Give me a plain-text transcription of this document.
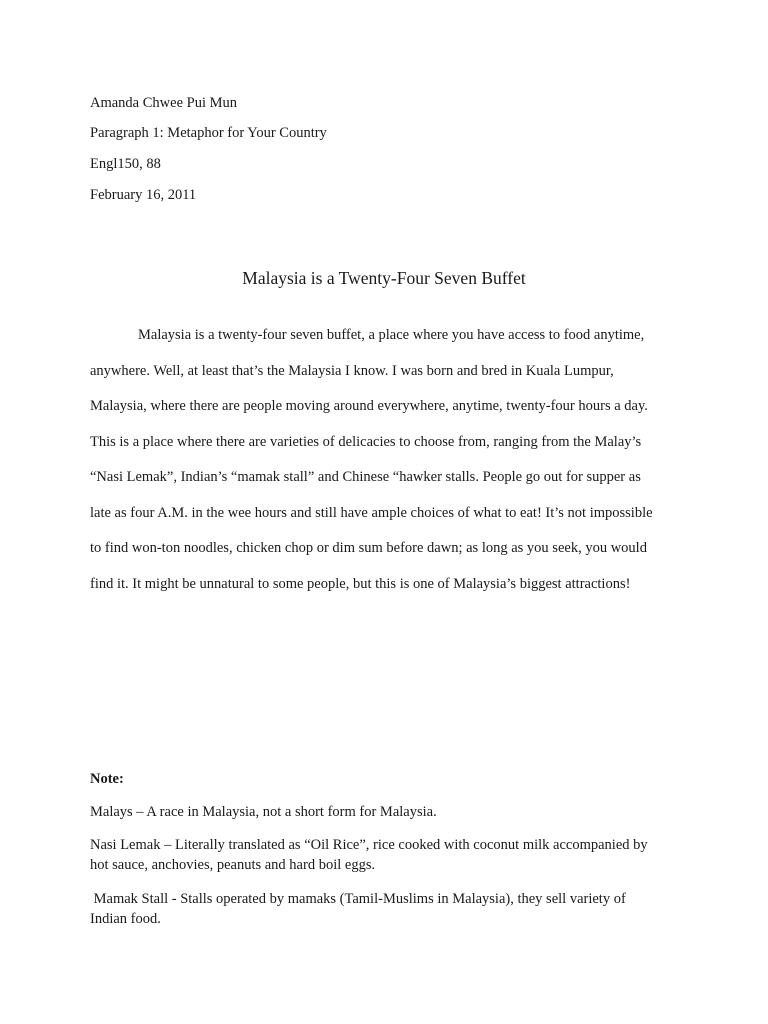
Amanda Chwee Pui Mun
Paragraph 1: Metaphor for Your Country
Engl150, 88
February 16, 2011
Malaysia is a Twenty-Four Seven Buffet
Malaysia is a twenty-four seven buffet, a place where you have access to food anytime,
anywhere. Well, at least that’s the Malaysia I know. I was born and bred in Kuala Lumpur,
Malaysia, where there are people moving around everywhere, anytime, twenty-four hours a day.
This is a place where there are varieties of delicacies to choose from, ranging from the Malay’s
“Nasi Lemak”, Indian’s “mamak stall” and Chinese “hawker stalls. People go out for supper as
late as four A.M. in the wee hours and still have ample choices of what to eat! It’s not impossible
to find won-ton noodles, chicken chop or dim sum before dawn; as long as you seek, you would
find it. It might be unnatural to some people, but this is one of Malaysia’s biggest attractions!
Note:
Malays – A race in Malaysia, not a short form for Malaysia.
Nasi Lemak – Literally translated as “Oil Rice”, rice cooked with coconut milk accompanied by
hot sauce, anchovies, peanuts and hard boil eggs.
Mamak Stall - Stalls operated by mamaks (Tamil-Muslims in Malaysia), they sell variety of
Indian food.
